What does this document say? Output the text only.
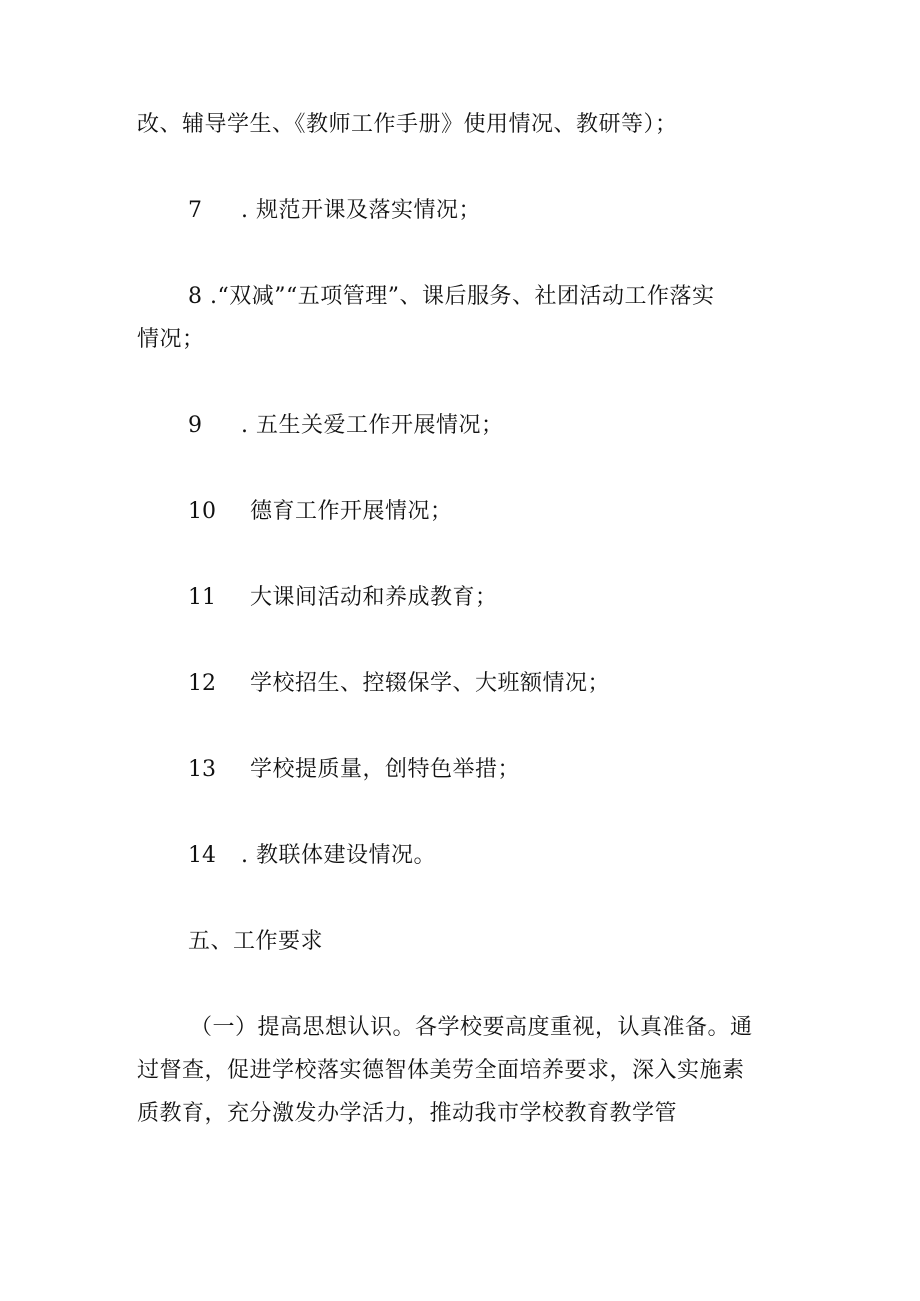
改、辅导学生、《教师工作手册》使用情况、教研等）；
7 . 规范开课及落实情况；
8 .“双减”“五项管理”、课后服务、社团活动工作落实
情况；
9 . 五生关爱工作开展情况；
10 德育工作开展情况；
11 大课间活动和养成教育；
12 学校招生、控辍保学、大班额情况；
13 学校提质量，创特色举措；
14 . 教联体建设情况。
五、工作要求
（一）提高思想认识。各学校要高度重视，认真准备。通
过督查，促进学校落实德智体美劳全面培养要求，深入实施素
质教育，充分激发办学活力，推动我市学校教育教学管
